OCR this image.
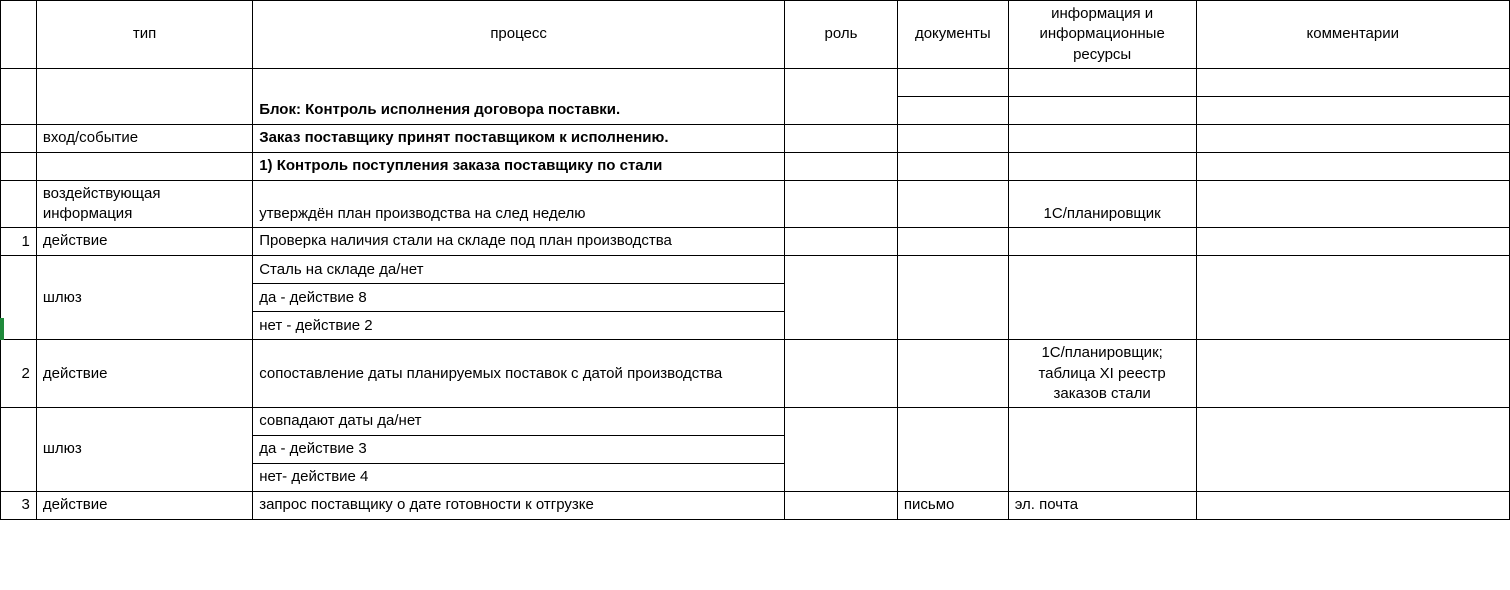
	тип	процесс	роль	документы	информация и информационные ресурсы	комментарии

		Блок: Контроль исполнения договора поставки.				
	вход/событие	Заказ поставщику принят поставщиком к исполнению.				
		1) Контроль поступления заказа поставщику по стали				
	воздействующая информация	утверждён план производства на след неделю			1С/планировщик	
1	действие	Проверка наличия стали на складе под план производства				
		Сталь на складе да/нет				
	шлюз	да - действие 8				
		нет - действие 2				
2	действие	сопоставление даты планируемых поставок с датой производства			1С/планировщик; таблица XI реестр заказов стали	
		совпадают даты да/нет				
	шлюз	да - действие 3				
		нет- действие 4				
3	действие	запрос поставщику о дате готовности к отгрузке		письмо	эл. почта	
